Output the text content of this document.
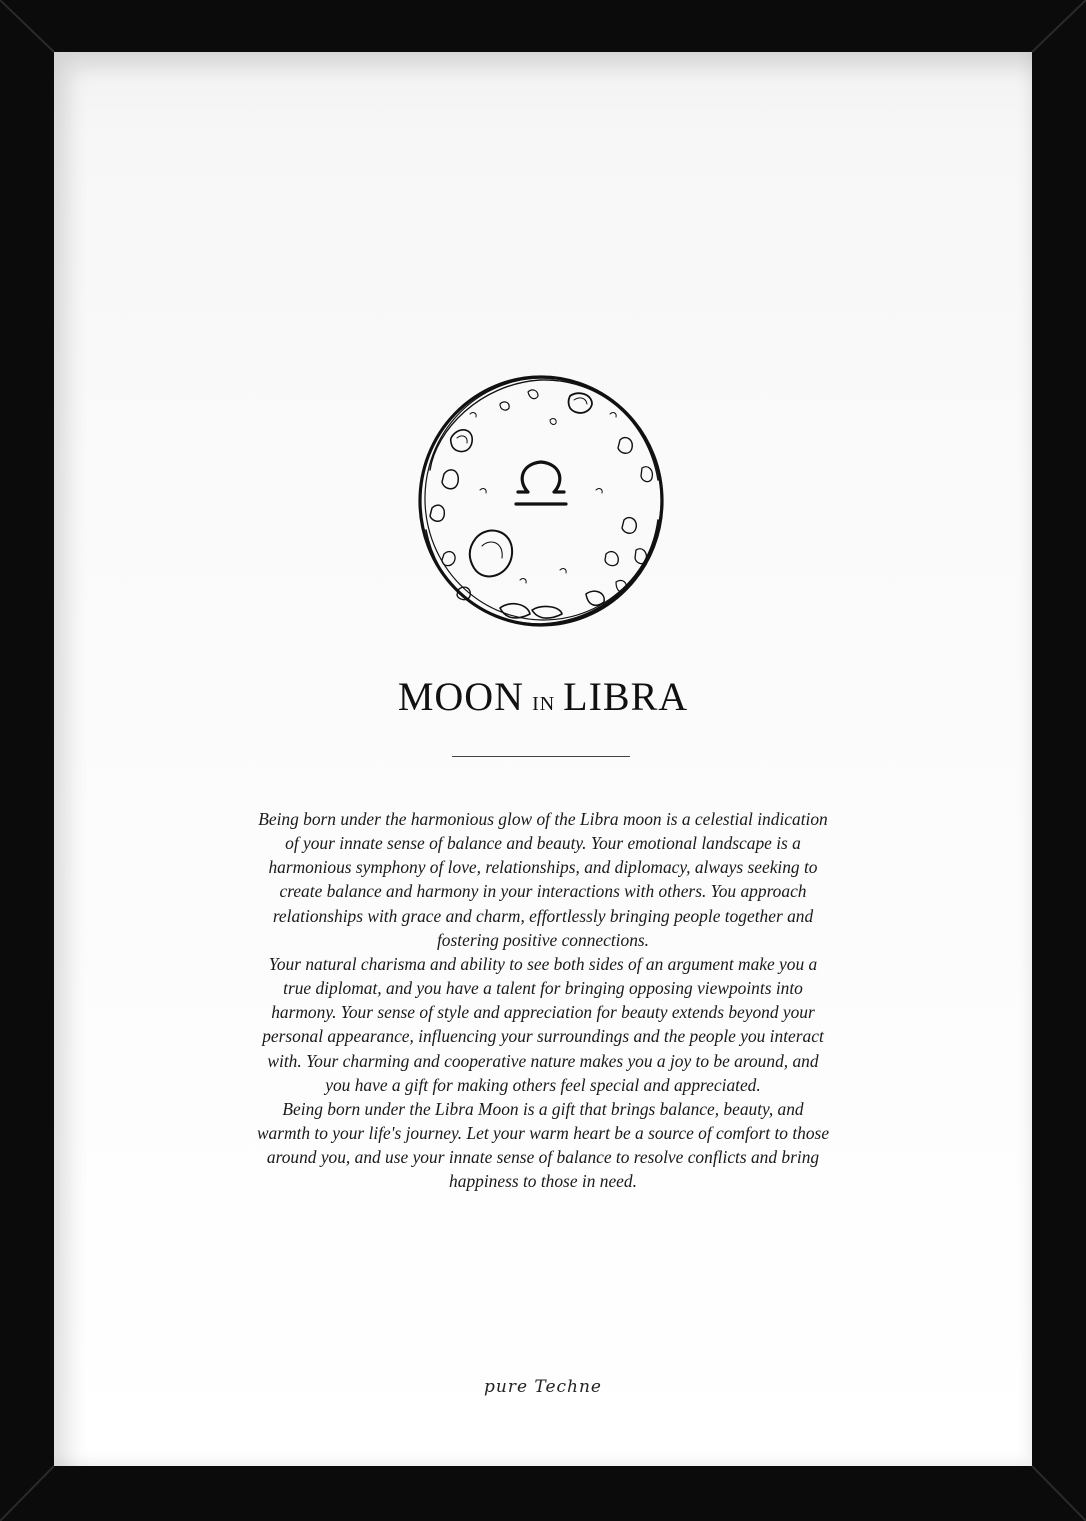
MOON IN LIBRA
Being born under the harmonious glow of the Libra moon is a celestial indication
of your innate sense of balance and beauty. Your emotional landscape is a
harmonious symphony of love, relationships, and diplomacy, always seeking to
create balance and harmony in your interactions with others. You approach
relationships with grace and charm, effortlessly bringing people together and
fostering positive connections.
Your natural charisma and ability to see both sides of an argument make you a
true diplomat, and you have a talent for bringing opposing viewpoints into
harmony. Your sense of style and appreciation for beauty extends beyond your
personal appearance, influencing your surroundings and the people you interact
with. Your charming and cooperative nature makes you a joy to be around, and
you have a gift for making others feel special and appreciated.
Being born under the Libra Moon is a gift that brings balance, beauty, and
warmth to your life's journey. Let your warm heart be a source of comfort to those
around you, and use your innate sense of balance to resolve conflicts and bring
happiness to those in need.
pure Techne
